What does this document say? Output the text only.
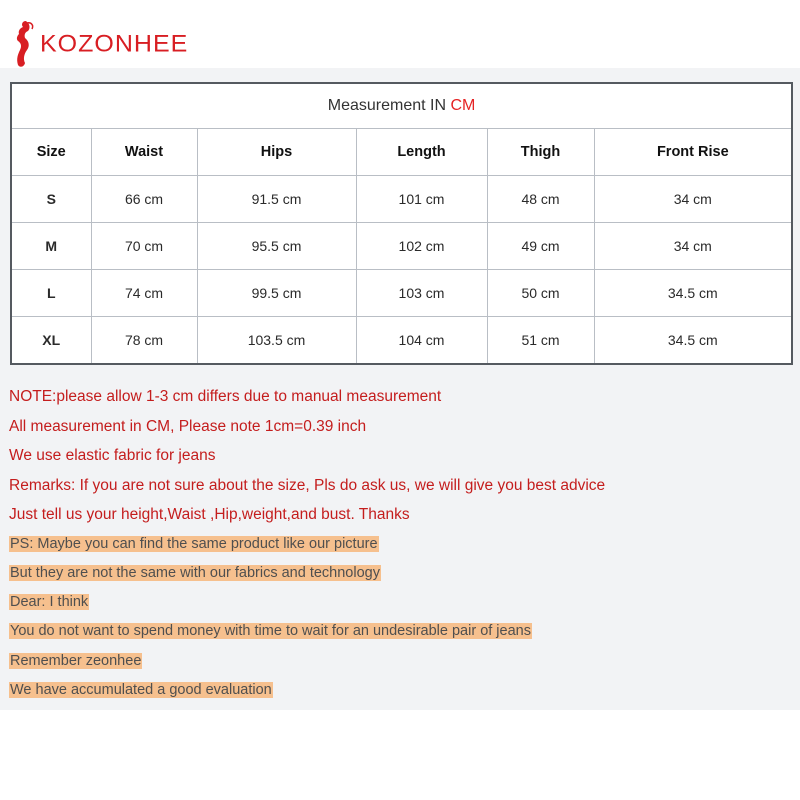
KOZONHEE
Measurement IN CM					
Size	Waist	Hips	Length	Thigh	Front Rise
S	66 cm	91.5 cm	101 cm	48 cm	34 cm
M	70 cm	95.5 cm	102 cm	49 cm	34 cm
L	74 cm	99.5 cm	103 cm	50 cm	34.5 cm
XL	78 cm	103.5 cm	104 cm	51 cm	34.5 cm
NOTE:please allow 1-3 cm differs due to manual measurement
All measurement in CM, Please note 1cm=0.39 inch
We use elastic fabric for jeans
Remarks: If you are not sure about the size, Pls do ask us, we will give you best advice
Just tell us your height,Waist ,Hip,weight,and bust. Thanks
PS: Maybe you can find the same product like our picture
But they are not the same with our fabrics and technology
Dear: I think
You do not want to spend money with time to wait for an undesirable pair of jeans
Remember zeonhee
We have accumulated a good evaluation
